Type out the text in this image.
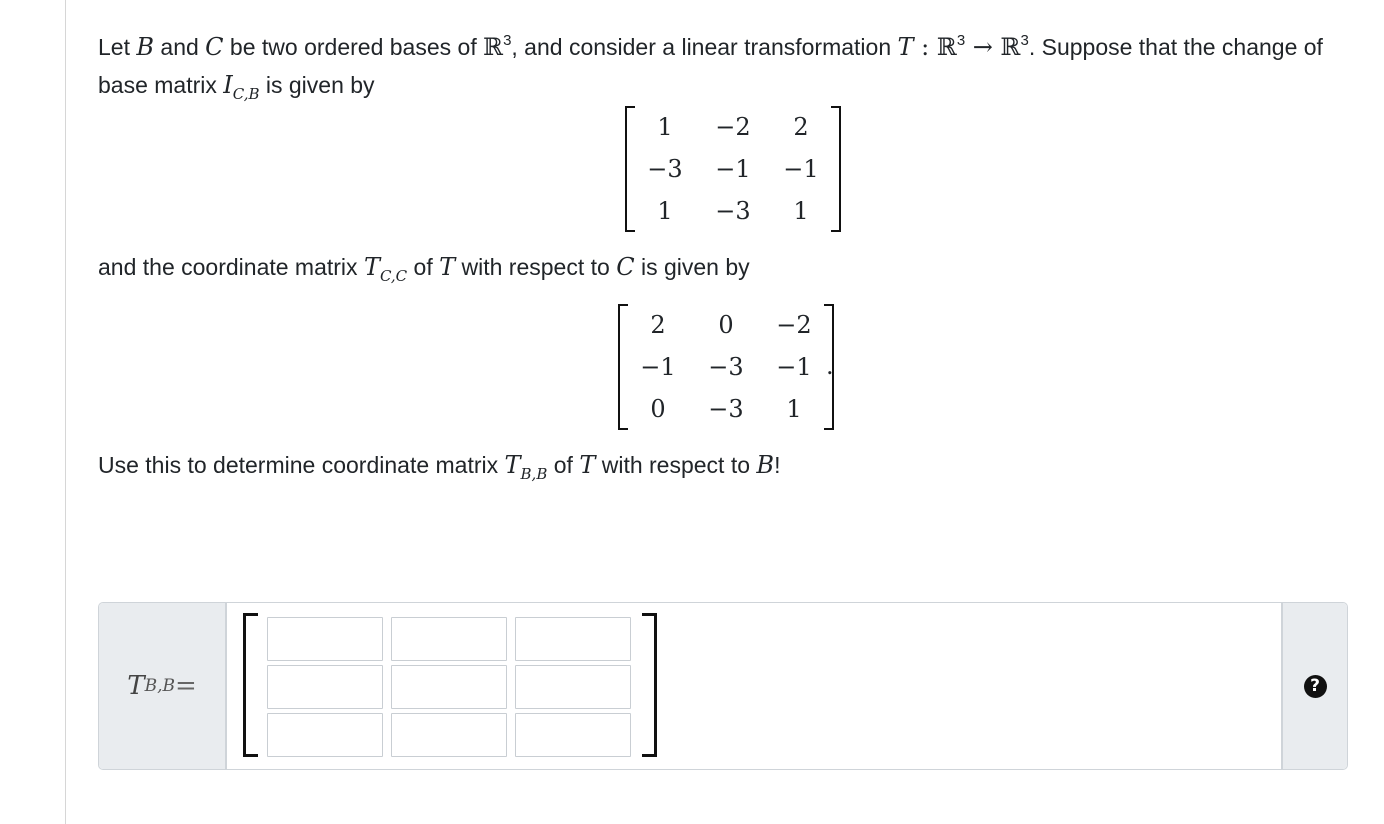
Let B and C be two ordered bases of ℝ$^3$, and consider a linear transformation T : ℝ$^3$ → ℝ$^3$. Suppose that the change of base matrix $I_{C,B}$ is given by

1	−2	2
−3	−1	−1
1	−3	1

and the coordinate matrix $T_{C,C}$ of T with respect to C is given by

2	0	−2
−1	−3	−1
0	−3	1
.

Use this to determine coordinate matrix $T_{B,B}$ of T with respect to B!

T B,B =	?
